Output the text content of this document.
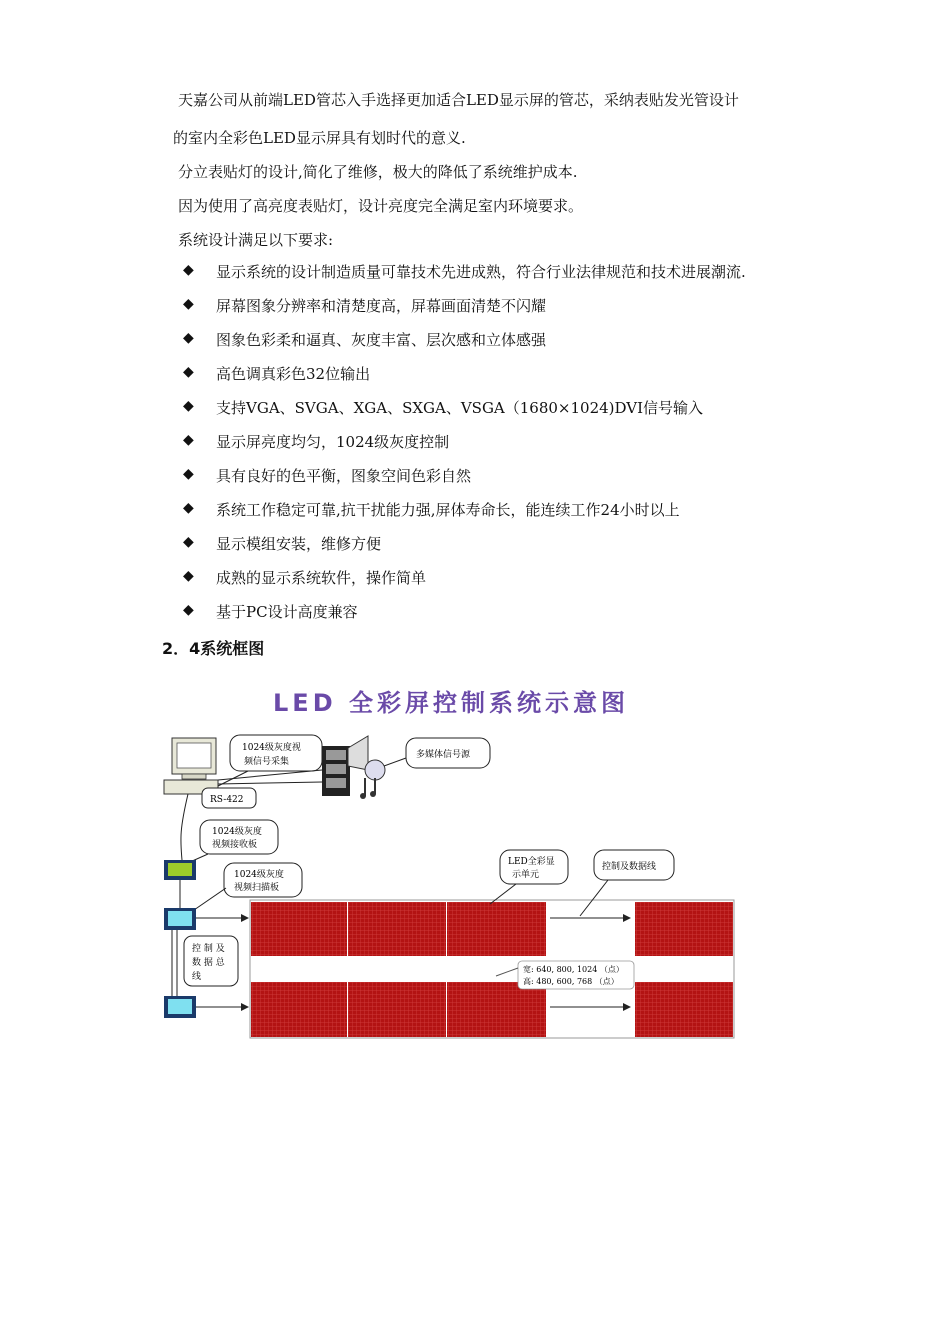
天嘉公司从前端LED管芯入手选择更加适合LED显示屏的管芯，采纳表贴发光管设计
的室内全彩色LED显示屏具有划时代的意义.
分立表贴灯的设计,简化了维修，极大的降低了系统维护成本.
因为使用了高亮度表贴灯，设计亮度完全满足室内环境要求。
系统设计满足以下要求:
◆ 显示系统的设计制造质量可靠技术先进成熟，符合行业法律规范和技术进展潮流.
◆ 屏幕图象分辨率和清楚度高，屏幕画面清楚不闪耀
◆ 图象色彩柔和逼真、灰度丰富、层次感和立体感强
◆ 高色调真彩色32位输出
◆ 支持VGA、SVGA、XGA、SXGA、VSGA（1680×1024)DVI信号输入
◆ 显示屏亮度均匀，1024级灰度控制
◆ 具有良好的色平衡，图象空间色彩自然
◆ 系统工作稳定可靠,抗干扰能力强,屏体寿命长，能连续工作24小时以上
◆ 显示模组安装，维修方便
◆ 成熟的显示系统软件，操作简单
◆ 基于PC设计高度兼容
2．4系统框图
LED 全彩屏控制系统示意图
1024级灰度视
频信号采集
多媒体信号源
RS-422
1024级灰度
视频接收板
1024级灰度
视频扫描板
控 制 及
数 据 总
线
LED全彩显
示单元
控制及数据线
宽: 640, 800, 1024 （点）
高: 480, 600, 768 （点）
